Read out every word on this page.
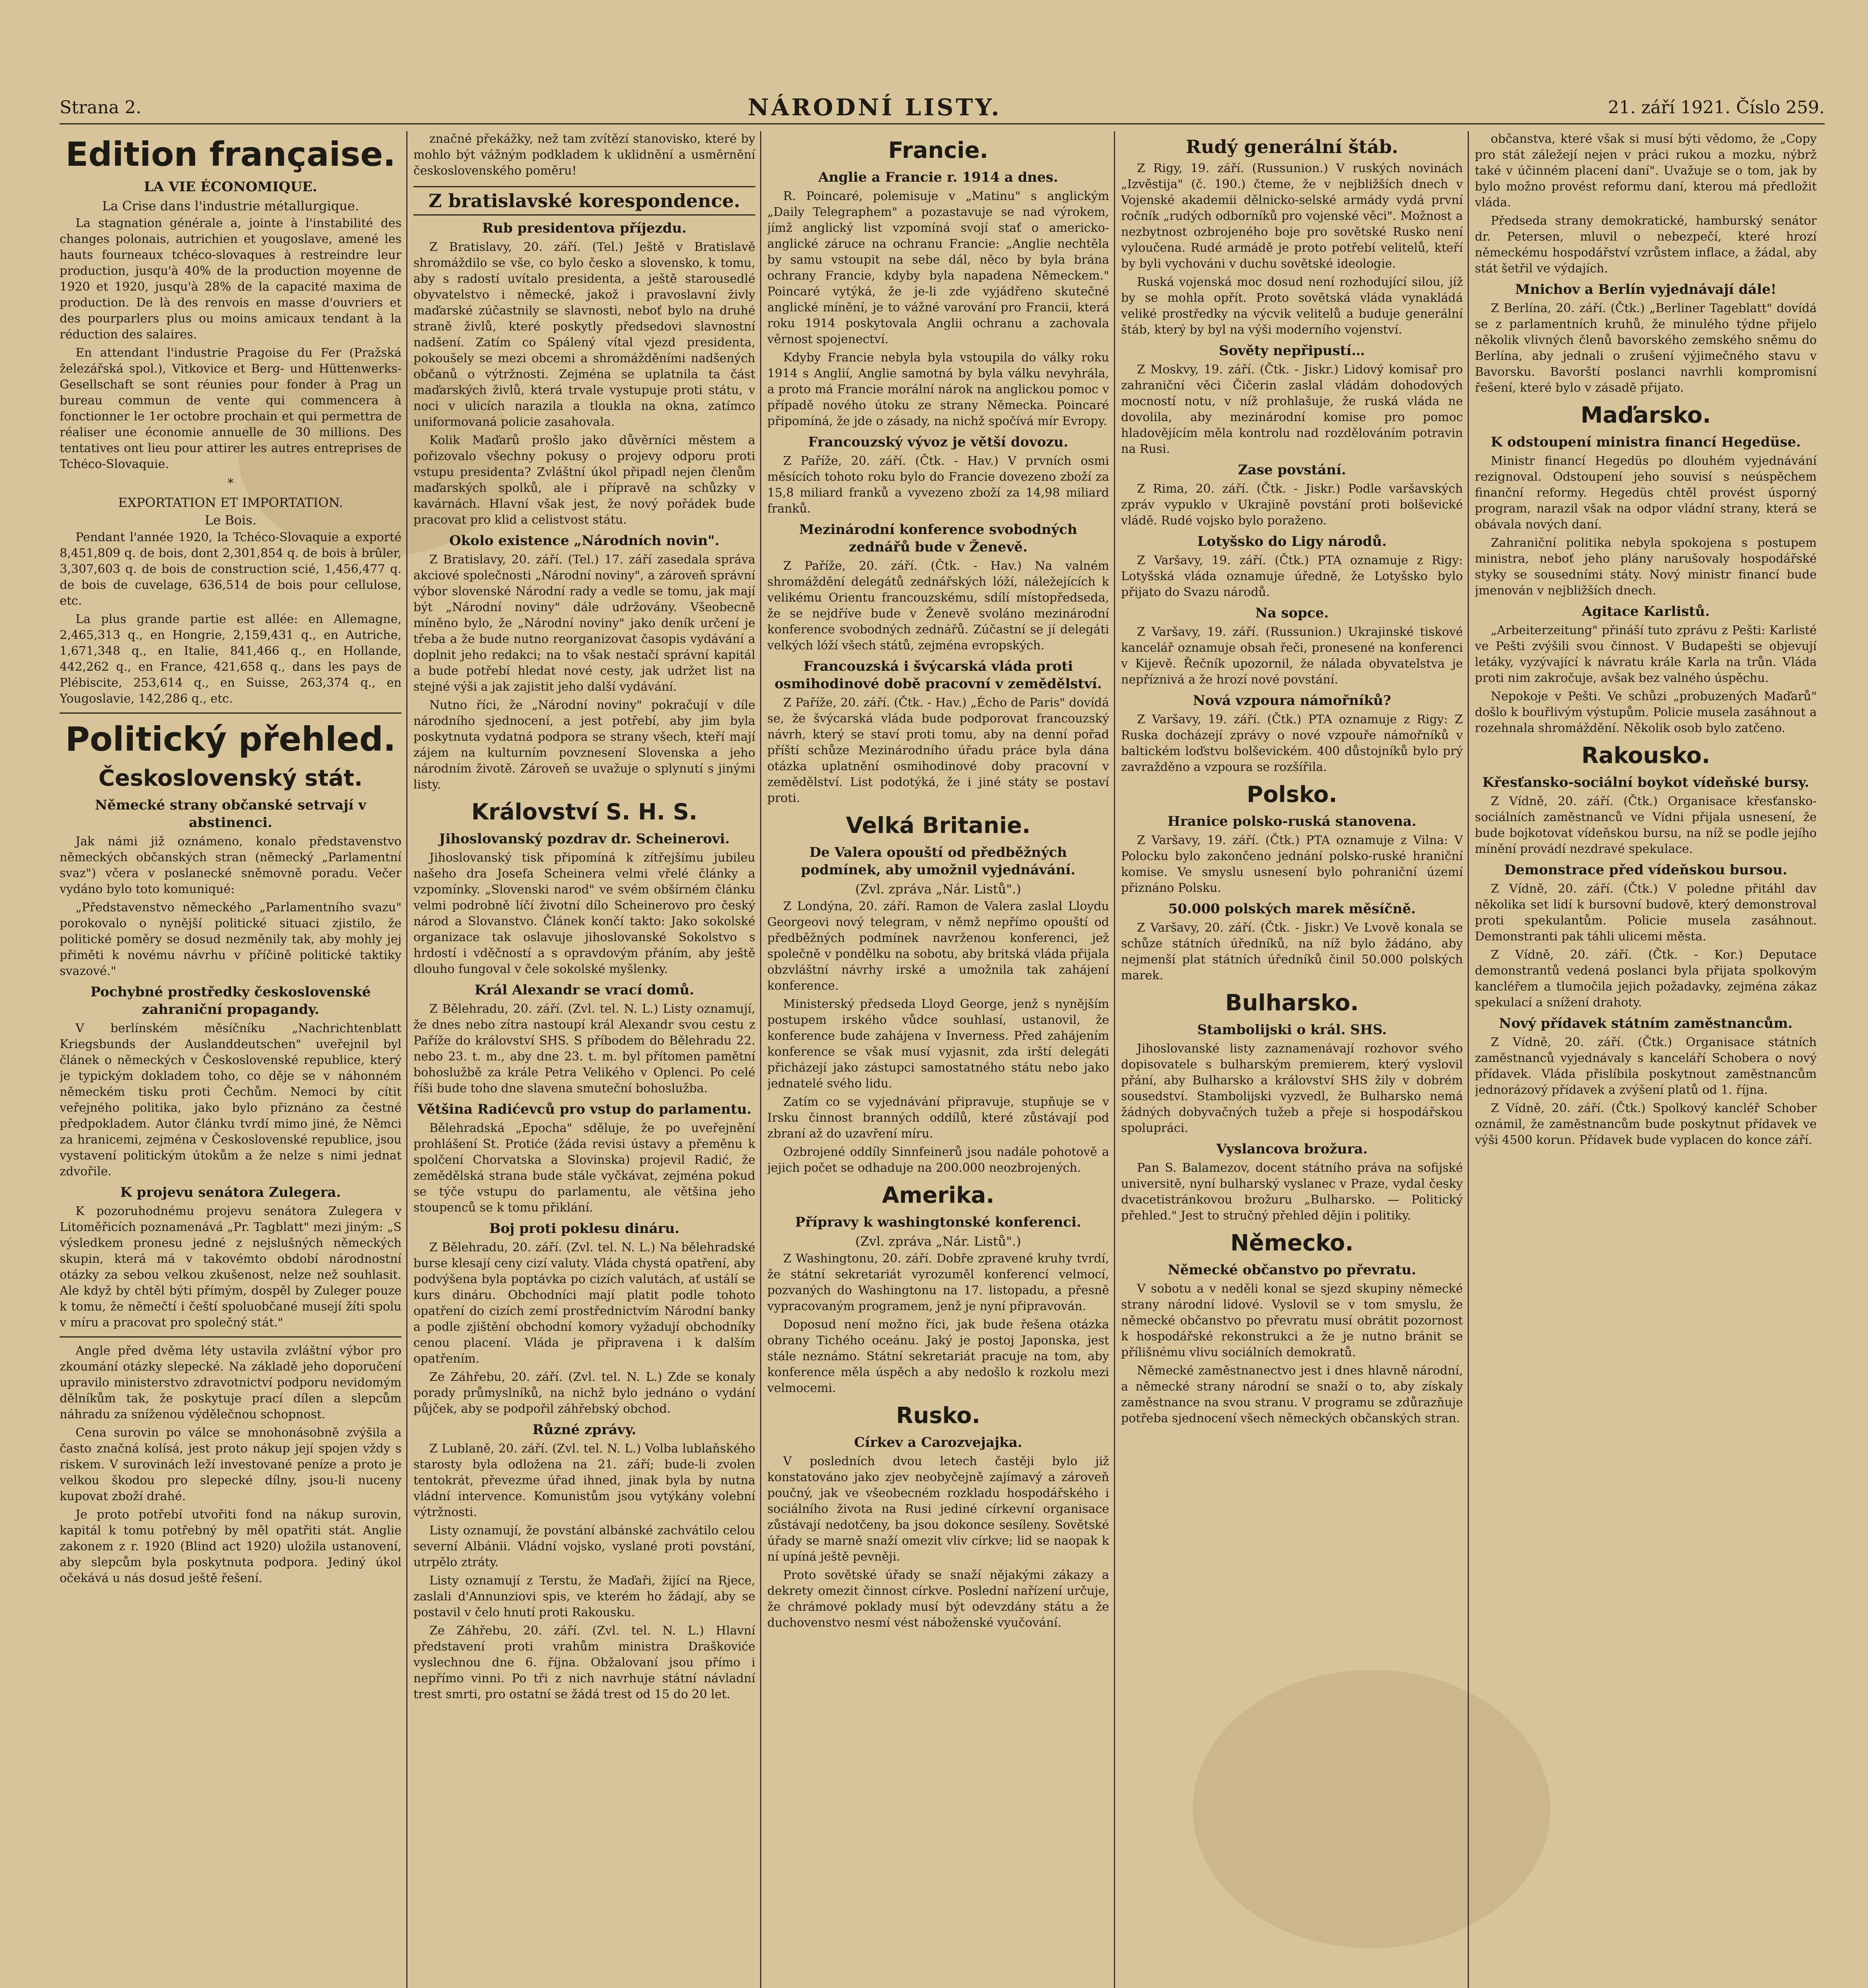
Strana 2.	NÁRODNÍ LISTY.	21. září 1921. Číslo 259.
Edition française.
LA VIE ÉCONOMIQUE.
La Crise dans l'industrie métallurgique.

La stagnation générale a, jointe à l'instabilité des changes polonais, autrichien et yougoslave, amené les hauts fourneaux tchéco-slovaques à restreindre leur production, jusqu'à 40% de la production moyenne de 1920 et 1920, jusqu'à 28% de la capacité maxima de production. De là des renvois en masse d'ouvriers et des pourparlers plus ou moins amicaux tendant à la réduction des salaires.

En attendant l'industrie Pragoise du Fer (Pražská železářská spol.), Vitkovice et Berg- und Hüttenwerks-Gesellschaft se sont réunies pour fonder à Prag un bureau commun de vente qui commencera à fonctionner le 1er octobre prochain et qui permettra de réaliser une économie annuelle de 30 millions. Des tentatives ont lieu pour attirer les autres entreprises de Tchéco-Slovaquie.

*
EXPORTATION ET IMPORTATION.
Le Bois.

Pendant l'année 1920, la Tchéco-Slovaquie a exporté 8,451,809 q. de bois, dont 2,301,854 q. de bois à brûler, 3,307,603 q. de bois de construction scié, 1,456,477 q. de bois de cuvelage, 636,514 de bois pour cellulose, etc.

La plus grande partie est allée: en Allemagne, 2,465,313 q., en Hongrie, 2,159,431 q., en Autriche, 1,671,348 q., en Italie, 841,466 q., en Hollande, 442,262 q., en France, 421,658 q., dans les pays de Plébiscite, 253,614 q., en Suisse, 263,374 q., en Yougoslavie, 142,286 q., etc.

Politický přehled.
Československý stát.
Německé strany občanské setrvají v abstinenci.

Jak námi již oznámeno, konalo představenstvo německých občanských stran (německý „Parlamentní svaz") včera v poslanecké sněmovně poradu. Večer vydáno bylo toto komuniqué:

„Představenstvo německého „Parlamentního svazu" porokovalo o nynější politické situaci zjistilo, že politické poměry se dosud nezměnily tak, aby mohly jej přiměti k novému návrhu v příčině politické taktiky svazové."

Pochybné prostředky československé zahraniční propagandy.

V berlínském měsíčníku „Nachrichtenblatt Kriegsbunds der Auslanddeutschen" uveřejnil byl článek o německých v Československé republice, který je typickým dokladem toho, co děje se v náhonném německém tisku proti Čechům. Nemoci by cítit veřejného politika, jako bylo přiznáno za čestné předpokladem. Autor článku tvrdí mimo jiné, že Němci za hranicemi, zejména v Československé republice, jsou vystavení politickým útokům a že nelze s nimi jednat zdvořile.

K projevu senátora Zulegera.

K pozoruhodnému projevu senátora Zulegera v Litoměřicích poznamenává „Pr. Tagblatt" mezi jiným: „S výsledkem pronesu jedné z nejslušných německých skupin, která má v takovémto období národnostní otázky za sebou velkou zkušenost, nelze než souhlasit. Ale když by chtěl býti přímým, dospěl by Zuleger pouze k tomu, že němečtí i čeští spoluobčané musejí žíti spolu v míru a pracovat pro společný stát."

Angle před dvěma léty ustavila zvláštní výbor pro zkoumání otázky slepecké. Na základě jeho doporučení upravilo ministerstvo zdravotnictví podporu nevidomým dělníkům tak, že poskytuje prací dílen a slepcům náhradu za sníženou výdělečnou schopnost.

Cena surovin po válce se mnohonásobně zvýšila a často značná kolísá, jest proto nákup její spojen vždy s riskem. V surovinách leží investované peníze a proto je velkou škodou pro slepecké dílny, jsou-li nuceny kupovat zboží drahé.

Je proto potřebí utvořiti fond na nákup surovin, kapitál k tomu potřebný by měl opatřiti stát. Anglie zakonem z r. 1920 (Blind act 1920) uložila ustanovení, aby slepcům byla poskytnuta podpora. Jediný úkol očekává u nás dosud ještě řešení.

značné překážky, než tam zvítězí stanovisko, které by mohlo být vážným podkladem k uklidnění a usměrnění československého poměru!

Z bratislavské korespondence.
Rub presidentova příjezdu.

Z Bratislavy, 20. září. (Tel.) Ještě v Bratislavě shromáždilo se vše, co bylo česko a slovensko, k tomu, aby s radostí uvítalo presidenta, a ještě starousedlé obyvatelstvo i německé, jakož i pravoslavní živly maďarské zúčastnily se slavnosti, neboť bylo na druhé straně živlů, které poskytly předsedovi slavnostní nadšení. Zatím co Spálený vítal vjezd presidenta, pokoušely se mezi obcemi a shromážděními nadšených občanů o výtržnosti. Zejména se uplatnila ta část maďarských živlů, která trvale vystupuje proti státu, v noci v ulicích narazila a tloukla na okna, zatímco uniformovaná policie zasahovala.

Kolik Maďarů prošlo jako důvěrníci městem a pořizovalo všechny pokusy o projevy odporu proti vstupu presidenta? Zvláštní úkol připadl nejen členům maďarských spolků, ale i přípravě na schůzky v kavárnách. Hlavní však jest, že nový pořádek bude pracovat pro klid a celistvost státu.

Okolo existence „Národních novin".

Z Bratislavy, 20. září. (Tel.) 17. září zasedala správa akciové společnosti „Národní noviny", a zároveň správní výbor slovenské Národní rady a vedle se tomu, jak mají být „Národní noviny" dále udržovány. Všeobecně míněno bylo, že „Národní noviny" jako deník určení je třeba a že bude nutno reorganizovat časopis vydávání a doplnit jeho redakci; na to však nestačí správní kapitál a bude potřebí hledat nové cesty, jak udržet list na stejné výši a jak zajistit jeho další vydávání.

Nutno říci, že „Národní noviny" pokračují v díle národního sjednocení, a jest potřebí, aby jim byla poskytnuta vydatná podpora se strany všech, kteří mají zájem na kulturním povznesení Slovenska a jeho národním životě. Zároveň se uvažuje o splynutí s jinými listy.

Království S. H. S.
Jihoslovanský pozdrav dr. Scheinerovi.

Jihoslovanský tisk připomíná k zítřejšímu jubileu našeho dra Josefa Scheinera velmi vřelé články a vzpomínky. „Slovenski narod" ve svém obšírném článku velmi podrobně líčí životní dílo Scheinerovo pro český národ a Slovanstvo. Článek končí takto: Jako sokolské organizace tak oslavuje jihoslovanské Sokolstvo s hrdostí i vděčností a s opravdovým přáním, aby ještě dlouho fungoval v čele sokolské myšlenky.

Král Alexandr se vrací domů.

Z Bělehradu, 20. září. (Zvl. tel. N. L.) Listy oznamují, že dnes nebo zítra nastoupí král Alexandr svou cestu z Paříže do království SHS. S příbodem do Bělehradu 22. nebo 23. t. m., aby dne 23. t. m. byl přítomen pamětní bohoslužbě za krále Petra Velikého v Oplenci. Po celé říši bude toho dne slavena smuteční bohoslužba.

Většina Radićevců pro vstup do parlamentu.

Bělehradská „Epocha" sděluje, že po uveřejnění prohlášení St. Protiće (žáda revisi ústavy a přeměnu k spolčení Chorvatska a Slovinska) projevil Radić, že zemědělská strana bude stále vyčkávat, zejména pokud se týče vstupu do parlamentu, ale většina jeho stoupenců se k tomu přiklání.

Boj proti poklesu dináru.

Z Bělehradu, 20. září. (Zvl. tel. N. L.) Na bělehradské burse klesají ceny cizí valuty. Vláda chystá opatření, aby podvýšena byla poptávka po cizích valutách, ať ustálí se kurs dináru. Obchodníci mají platit podle tohoto opatření do cizích zemí prostřednictvím Národní banky a podle zjištění obchodní komory vyžadují obchodníky cenou placení. Vláda je připravena i k dalším opatřením.

Ze Záhřebu, 20. září. (Zvl. tel. N. L.) Zde se konaly porady průmyslníků, na nichž bylo jednáno o vydání půjček, aby se podpořil záhřebský obchod.

Různé zprávy.

Z Lublaně, 20. září. (Zvl. tel. N. L.) Volba lublaňského starosty byla odložena na 21. září; bude-li zvolen tentokrát, převezme úřad ihned, jinak byla by nutna vládní intervence. Komunistům jsou vytýkány volební výtržnosti.

Listy oznamují, že povstání albánské zachvátilo celou severní Albánii. Vládní vojsko, vyslané proti povstání, utrpělo ztráty.

Listy oznamují z Terstu, že Maďaři, žijící na Rjece, zaslali d'Annunziovi spis, ve kterém ho žádají, aby se postavil v čelo hnutí proti Rakousku.

Ze Záhřebu, 20. září. (Zvl. tel. N. L.) Hlavní představení proti vrahům ministra Draškoviće vyslechnou dne 6. října. Obžalovaní jsou přímo i nepřímo vinni. Po tři z nich navrhuje státní návladní trest smrti, pro ostatní se žádá trest od 15 do 20 let.

Francie.
Anglie a Francie r. 1914 a dnes.

R. Poincaré, polemisuje v „Matinu" s anglickým „Daily Telegraphem" a pozastavuje se nad výrokem, jímž anglický list vzpomíná svojí stať o americko-anglické záruce na ochranu Francie: „Anglie nechtěla by samu vstoupit na sebe dál, něco by byla brána ochrany Francie, kdyby byla napadena Německem." Poincaré vytýká, že je-li zde vyjádřeno skutečné anglické mínění, je to vážné varování pro Francii, která roku 1914 poskytovala Anglii ochranu a zachovala věrnost spojenectví.

Kdyby Francie nebyla byla vstoupila do války roku 1914 s Anglií, Anglie samotná by byla válku nevyhrála, a proto má Francie morální nárok na anglickou pomoc v případě nového útoku ze strany Německa. Poincaré připomíná, že jde o zásady, na nichž spočívá mír Evropy.

Francouzský vývoz je větší dovozu.

Z Paříže, 20. září. (Čtk. - Hav.) V prvních osmi měsících tohoto roku bylo do Francie dovezeno zboží za 15,8 miliard franků a vyvezeno zboží za 14,98 miliard franků.

Mezinárodní konference svobodných zednářů bude v Ženevě.

Z Paříže, 20. září. (Čtk. - Hav.) Na valném shromáždění delegátů zednářských lóží, náležejících k velikému Orientu francouzskému, sdílí místopředseda, že se nejdříve bude v Ženevě svoláno mezinárodní konference svobodných zednářů. Zúčastní se jí delegáti velkých lóží všech států, zejména evropských.

Francouzská i švýcarská vláda proti osmihodinové době pracovní v zemědělství.

Z Paříže, 20. září. (Čtk. - Hav.) „Écho de Paris" dovídá se, že švýcarská vláda bude podporovat francouzský návrh, který se staví proti tomu, aby na denní pořad příští schůze Mezinárodního úřadu práce byla dána otázka uplatnění osmihodinové doby pracovní v zemědělství. List podotýká, že i jiné státy se postaví proti.

Velká Britanie.
De Valera opouští od předběžných podmínek, aby umožnil vyjednávání.
(Zvl. zpráva „Nár. Listů".)

Z Londýna, 20. září. Ramon de Valera zaslal Lloydu Georgeovi nový telegram, v němž nepřímo opouští od předběžných podmínek navrženou konferenci, jež společně v pondělku na sobotu, aby britská vláda přijala obzvláštní návrhy irské a umožnila tak zahájení konference.

Ministerský předseda Lloyd George, jenž s nynějším postupem irského vůdce souhlasí, ustanovil, že konference bude zahájena v Inverness. Před zahájením konference se však musí vyjasnit, zda irští delegáti přicházejí jako zástupci samostatného státu nebo jako jednatelé svého lidu.

Zatím co se vyjednávání připravuje, stupňuje se v Irsku činnost branných oddílů, které zůstávají pod zbraní až do uzavření míru.

Ozbrojené oddíly Sinnfeinerů jsou nadále pohotově a jejich počet se odhaduje na 200.000 neozbrojených.

Amerika.
Přípravy k washingtonské konferenci.
(Zvl. zpráva „Nár. Listů".)

Z Washingtonu, 20. září. Dobře zpravené kruhy tvrdí, že státní sekretariát vyrozuměl konferencí velmocí, pozvaných do Washingtonu na 17. listopadu, a přesně vypracovaným programem, jenž je nyní připravován.

Doposud není možno říci, jak bude řešena otázka obrany Tichého oceánu. Jaký je postoj Japonska, jest stále neznámo. Státní sekretariát pracuje na tom, aby konference měla úspěch a aby nedošlo k rozkolu mezi velmocemi.

Rusko.
Církev a Carozvejajka.

V posledních dvou letech častěji bylo již konstatováno jako zjev neobyčejně zajímavý a zároveň poučný, jak ve všeobecném rozkladu hospodářského i sociálního života na Rusi jediné církevní organisace zůstávají nedotčeny, ba jsou dokonce sesíleny. Sovětské úřady se marně snaží omezit vliv církve; lid se naopak k ní upíná ještě pevněji.

Proto sovětské úřady se snaží nějakými zákazy a dekrety omezit činnost církve. Poslední nařízení určuje, že chrámové poklady musí být odevzdány státu a že duchovenstvo nesmí vést náboženské vyučování.

Rudý generální štáb.

Z Rigy, 19. září. (Russunion.) V ruských novinách „Izvěstija" (č. 190.) čteme, že v nejbližších dnech v Vojenské akademii dělnicko-selské armády vydá první ročník „rudých odborníků pro vojenské věci". Možnost a nezbytnost ozbrojeného boje pro sovětské Rusko není vyloučena. Rudé armádě je proto potřebí velitelů, kteří by byli vychováni v duchu sovětské ideologie.

Ruská vojenská moc dosud není rozhodující silou, jíž by se mohla opřít. Proto sovětská vláda vynakládá veliké prostředky na výcvik velitelů a buduje generální štáb, který by byl na výši moderního vojenství.

Sověty nepřipustí…

Z Moskvy, 19. září. (Čtk. - Jiskr.) Lidový komisař pro zahraniční věci Čičerin zaslal vládám dohodových mocností notu, v níž prohlašuje, že ruská vláda ne dovolila, aby mezinárodní komise pro pomoc hladovějícím měla kontrolu nad rozdělováním potravin na Rusi.

Zase povstání.

Z Rima, 20. září. (Čtk. - Jiskr.) Podle varšavských zpráv vypuklo v Ukrajině povstání proti bolševické vládě. Rudé vojsko bylo poraženo.

Lotyšsko do Ligy národů.

Z Varšavy, 19. září. (Čtk.) PTA oznamuje z Rigy: Lotyšská vláda oznamuje úředně, že Lotyšsko bylo přijato do Svazu národů.

Na sopce.

Z Varšavy, 19. září. (Russunion.) Ukrajinské tiskové kancelář oznamuje obsah řeči, pronesené na konferenci v Kijevě. Řečník upozornil, že nálada obyvatelstva je nepříznivá a že hrozí nové povstání.

Nová vzpoura námořníků?

Z Varšavy, 19. září. (Čtk.) PTA oznamuje z Rigy: Z Ruska docházejí zprávy o nové vzpouře námořníků v baltickém loďstvu bolševickém. 400 důstojníků bylo prý zavražděno a vzpoura se rozšířila.

Polsko.
Hranice polsko-ruská stanovena.

Z Varšavy, 19. září. (Čtk.) PTA oznamuje z Vilna: V Polocku bylo zakončeno jednání polsko-ruské hraniční komise. Ve smyslu usnesení bylo pohraniční území přiznáno Polsku.

50.000 polských marek měsíčně.

Z Varšavy, 20. září. (Čtk. - Jiskr.) Ve Lvově konala se schůze státních úředníků, na níž bylo žádáno, aby nejmenší plat státních úředníků činil 50.000 polských marek.

Bulharsko.
Stambolijski o král. SHS.

Jihoslovanské listy zaznamenávají rozhovor svého dopisovatele s bulharským premierem, který vyslovil přání, aby Bulharsko a království SHS žily v dobrém sousedství. Stambolijski vyzvedl, že Bulharsko nemá žádných dobyvačných tužeb a přeje si hospodářskou spolupráci.

Vyslancova brožura.

Pan S. Balamezov, docent státního práva na sofijské universitě, nyní bulharský vyslanec v Praze, vydal česky dvacetistránkovou brožuru „Bulharsko. — Politický přehled." Jest to stručný přehled dějin i politiky.

Německo.
Německé občanstvo po převratu.

V sobotu a v neděli konal se sjezd skupiny německé strany národní lidové. Vyslovil se v tom smyslu, že německé občanstvo po převratu musí obrátit pozornost k hospodářské rekonstrukci a že je nutno bránit se přílišnému vlivu sociálních demokratů.

Německé zaměstnanectvo jest i dnes hlavně národní, a německé strany národní se snaží o to, aby získaly zaměstnance na svou stranu. V programu se zdůrazňuje potřeba sjednocení všech německých občanských stran.

občanstva, které však si musí býti vědomo, že „Copy pro stát záležejí nejen v práci rukou a mozku, nýbrž také v účinném placení daní". Uvažuje se o tom, jak by bylo možno provést reformu daní, kterou má předložit vláda.

Předseda strany demokratické, hamburský senátor dr. Petersen, mluvil o nebezpečí, které hrozí německému hospodářství vzrůstem inflace, a žádal, aby stát šetřil ve výdajích.

Mnichov a Berlín vyjednávají dále!

Z Berlína, 20. září. (Čtk.) „Berliner Tageblatt" dovídá se z parlamentních kruhů, že minulého týdne přijelo několik vlivných členů bavorského zemského sněmu do Berlína, aby jednali o zrušení výjimečného stavu v Bavorsku. Bavorští poslanci navrhli kompromisní řešení, které bylo v zásadě přijato.

Maďarsko.
K odstoupení ministra financí Hegedüse.

Ministr financí Hegedüs po dlouhém vyjednávání rezignoval. Odstoupení jeho souvisí s neúspěchem finanční reformy. Hegedüs chtěl provést úsporný program, narazil však na odpor vládní strany, která se obávala nových daní.

Zahraniční politika nebyla spokojena s postupem ministra, neboť jeho plány narušovaly hospodářské styky se sousedními státy. Nový ministr financí bude jmenován v nejbližších dnech.

Agitace Karlistů.

„Arbeiterzeitung" přináší tuto zprávu z Pešti: Karlisté ve Pešti zvýšili svou činnost. V Budapešti se objevují letáky, vyzývající k návratu krále Karla na trůn. Vláda proti nim zakročuje, avšak bez valného úspěchu.

Nepokoje v Pešti. Ve schůzi „probuzených Maďarů" došlo k bouřlivým výstupům. Policie musela zasáhnout a rozehnala shromáždění. Několik osob bylo zatčeno.

Rakousko.
Křesťansko-sociální boykot vídeňské bursy.

Z Vídně, 20. září. (Čtk.) Organisace křesťansko-sociálních zaměstnanců ve Vídni přijala usnesení, že bude bojkotovat vídeňskou bursu, na níž se podle jejího mínění provádí nezdravé spekulace.

Demonstrace před vídeňskou bursou.

Z Vídně, 20. září. (Čtk.) V poledne přitáhl dav několika set lidí k bursovní budově, který demonstroval proti spekulantům. Policie musela zasáhnout. Demonstranti pak táhli ulicemi města.

Z Vídně, 20. září. (Čtk. - Kor.) Deputace demonstrantů vedená poslanci byla přijata spolkovým kancléřem a tlumočila jejich požadavky, zejména zákaz spekulací a snížení drahoty.

Nový přídavek státním zaměstnancům.

Z Vídně, 20. září. (Čtk.) Organisace státních zaměstnanců vyjednávaly s kanceláří Schobera o nový přídavek. Vláda přislíbila poskytnout zaměstnancům jednorázový přídavek a zvýšení platů od 1. října.

Z Vídně, 20. září. (Čtk.) Spolkový kancléř Schober oznámil, že zaměstnancům bude poskytnut přídavek ve výši 4500 korun. Přídavek bude vyplacen do konce září.
